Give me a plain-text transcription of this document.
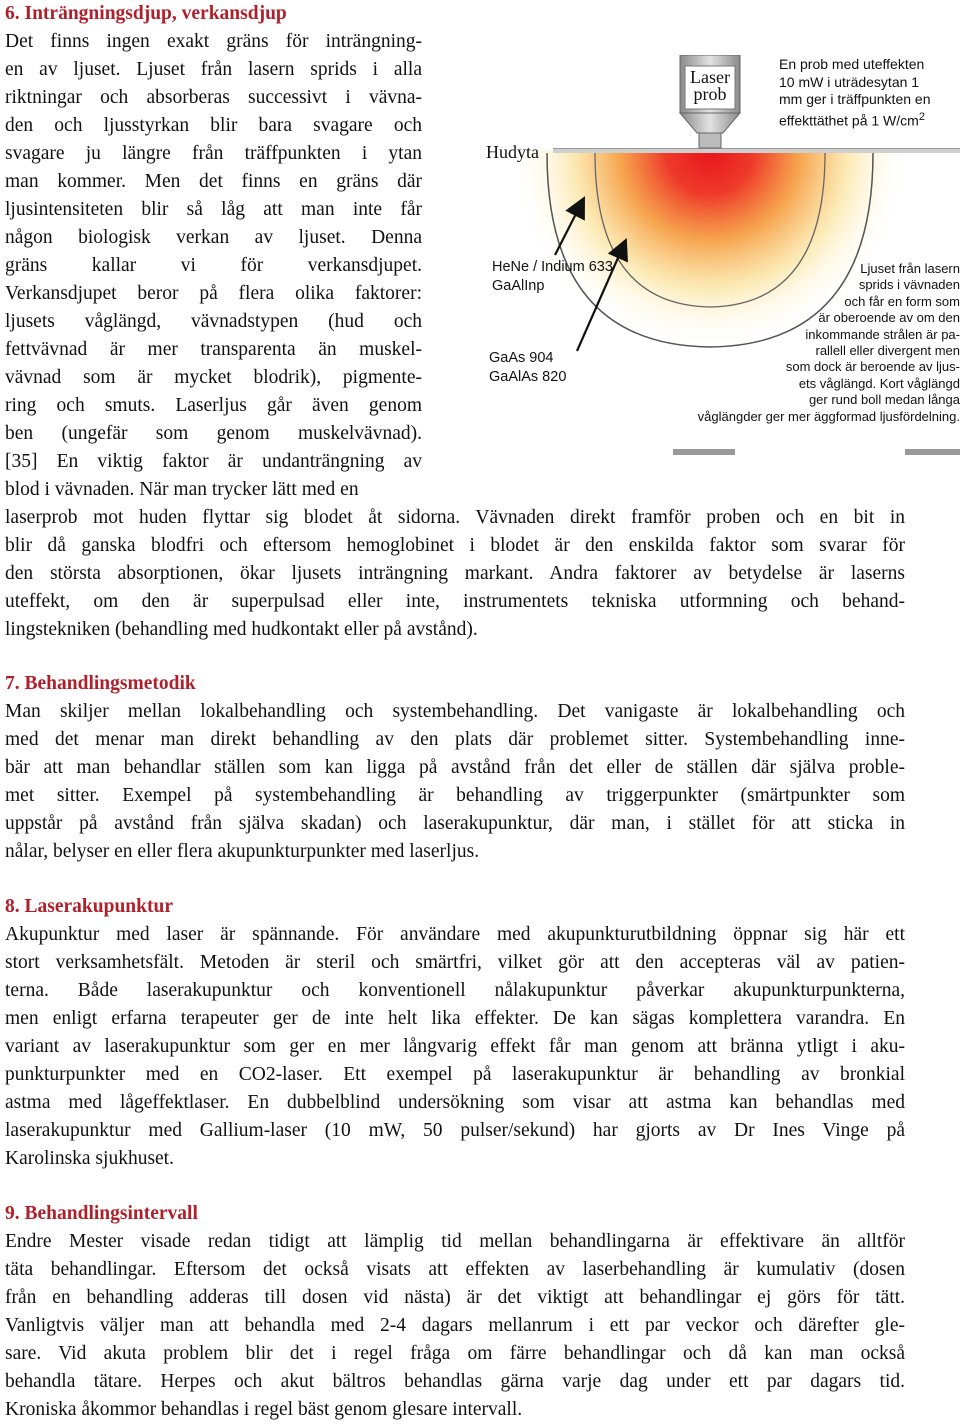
6. Inträngningsdjup, verkansdjup
Det finns ingen exakt gräns för inträngning-
en av ljuset. Ljuset från lasern sprids i alla
riktningar och absorberas successivt i vävna-
den och ljusstyrkan blir bara svagare och
svagare ju längre från träffpunkten i ytan
man kommer. Men det finns en gräns där
ljusintensiteten blir så låg att man inte får
någon biologisk verkan av ljuset. Denna
gräns kallar vi för verkansdjupet.
Verkansdjupet beror på flera olika faktorer:
ljusets våglängd, vävnadstypen (hud och
fettvävnad är mer transparenta än muskel-
vävnad som är mycket blodrik), pigmente-
ring och smuts. Laserljus går även genom
ben (ungefär som genom muskelvävnad).
[35] En viktig faktor är undanträngning av
blod i vävnaden. När man trycker lätt med en
laserprob mot huden flyttar sig blodet åt sidorna. Vävnaden direkt framför proben och en bit in
blir då ganska blodfri och eftersom hemoglobinet i blodet är den enskilda faktor som svarar för
den största absorptionen, ökar ljusets inträngning markant. Andra faktorer av betydelse är laserns
uteffekt, om den är superpulsad eller inte, instrumentets tekniska utformning och behand-
lingstekniken (behandling med hudkontakt eller på avstånd).
Laser
prob
Hudyta
HeNe / Indium 633
GaAlInp
GaAs 904
GaAlAs 820
En prob med uteffekten
10 mW i uträdesytan 1
mm ger i träffpunkten en
effekttäthet på 1 $W/cm^2$
Ljuset från lasern
sprids i vävnaden
och får en form som
är oberoende av om den
inkommande strålen är pa-
rallell eller divergent men
som dock är beroende av ljus-
ets våglängd. Kort våglängd
ger rund boll medan långa
våglängder ger mer äggformad ljusfördelning.
7. Behandlingsmetodik
Man skiljer mellan lokalbehandling och systembehandling. Det vanigaste är lokalbehandling och
med det menar man direkt behandling av den plats där problemet sitter. Systembehandling inne-
bär att man behandlar ställen som kan ligga på avstånd från det eller de ställen där själva proble-
met sitter. Exempel på systembehandling är behandling av triggerpunkter (smärtpunkter som
uppstår på avstånd från själva skadan) och laserakupunktur, där man, i stället för att sticka in
nålar, belyser en eller flera akupunkturpunkter med laserljus.
8. Laserakupunktur
Akupunktur med laser är spännande. För användare med akupunkturutbildning öppnar sig här ett
stort verksamhetsfält. Metoden är steril och smärtfri, vilket gör att den accepteras väl av patien-
terna. Både laserakupunktur och konventionell nålakupunktur påverkar akupunkturpunkterna,
men enligt erfarna terapeuter ger de inte helt lika effekter. De kan sägas komplettera varandra. En
variant av laserakupunktur som ger en mer långvarig effekt får man genom att bränna ytligt i aku-
punkturpunkter med en CO2-laser. Ett exempel på laserakupunktur är behandling av bronkial
astma med lågeffektlaser. En dubbelblind undersökning som visar att astma kan behandlas med
laserakupunktur med Gallium-laser (10 mW, 50 pulser/sekund) har gjorts av Dr Ines Vinge på
Karolinska sjukhuset.
9. Behandlingsintervall
Endre Mester visade redan tidigt att lämplig tid mellan behandlingarna är effektivare än alltför
täta behandlingar. Eftersom det också visats att effekten av laserbehandling är kumulativ (dosen
från en behandling adderas till dosen vid nästa) är det viktigt att behandlingar ej görs för tätt.
Vanligtvis väljer man att behandla med 2-4 dagars mellanrum i ett par veckor och därefter gle-
sare. Vid akuta problem blir det i regel fråga om färre behandlingar och då kan man också
behandla tätare. Herpes och akut bältros behandlas gärna varje dag under ett par dagars tid.
Kroniska åkommor behandlas i regel bäst genom glesare intervall.
